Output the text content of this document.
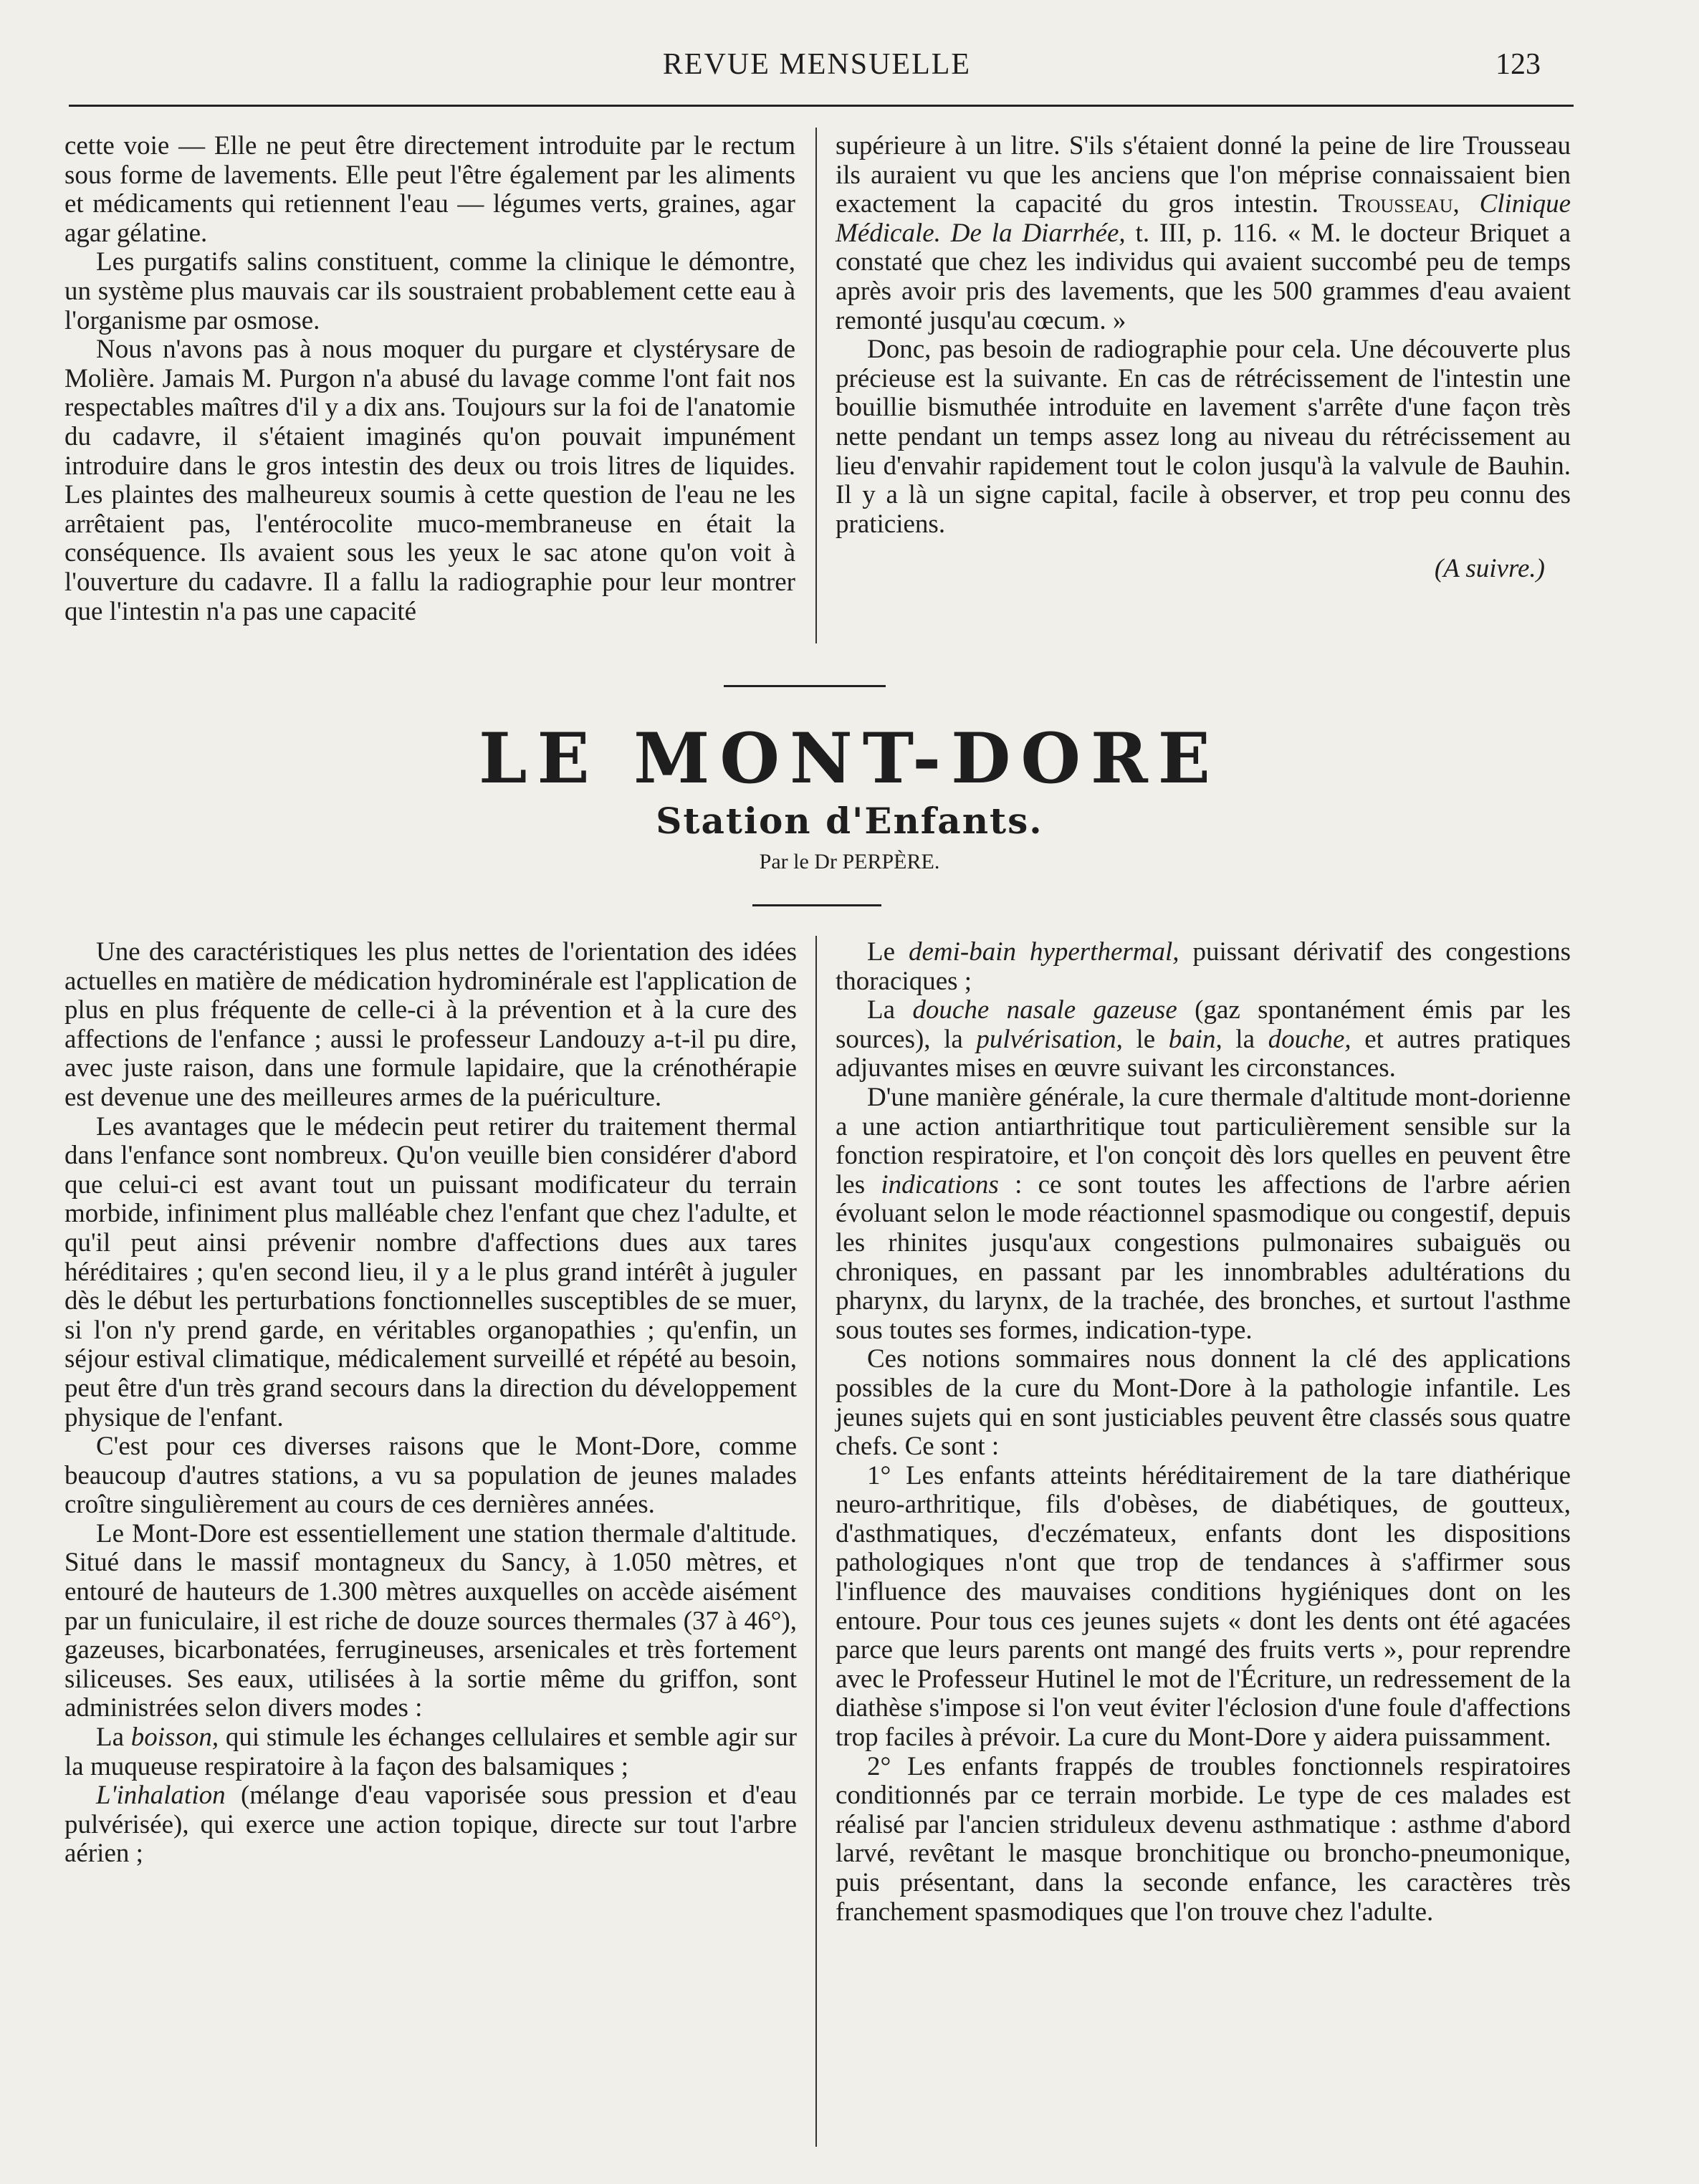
REVUE MENSUELLE	123

cette voie — Elle ne peut être directement introduite par le rectum sous forme de lavements. Elle peut l'être également par les aliments et médicaments qui retiennent l'eau — légumes verts, graines, agar agar gélatine.

Les purgatifs salins constituent, comme la clinique le démontre, un système plus mauvais car ils soustraient probablement cette eau à l'organisme par osmose.

Nous n'avons pas à nous moquer du purgare et clystérysare de Molière. Jamais M. Purgon n'a abusé du lavage comme l'ont fait nos respectables maîtres d'il y a dix ans. Toujours sur la foi de l'anatomie du cadavre, il s'étaient imaginés qu'on pouvait impunément introduire dans le gros intestin des deux ou trois litres de liquides. Les plaintes des malheureux soumis à cette question de l'eau ne les arrêtaient pas, l'entérocolite muco-membraneuse en était la conséquence. Ils avaient sous les yeux le sac atone qu'on voit à l'ouverture du cadavre. Il a fallu la radiographie pour leur montrer que l'intestin n'a pas une capacité

supérieure à un litre. S'ils s'étaient donné la peine de lire Trousseau ils auraient vu que les anciens que l'on méprise connaissaient bien exactement la capacité du gros intestin. Trousseau, Clinique Médicale. De la Diarrhée, t. III, p. 116. « M. le docteur Briquet a constaté que chez les individus qui avaient succombé peu de temps après avoir pris des lavements, que les 500 grammes d'eau avaient remonté jusqu'au cœcum. »

Donc, pas besoin de radiographie pour cela. Une découverte plus précieuse est la suivante. En cas de rétrécissement de l'intestin une bouillie bismuthée introduite en lavement s'arrête d'une façon très nette pendant un temps assez long au niveau du rétrécissement au lieu d'envahir rapidement tout le colon jusqu'à la valvule de Bauhin. Il y a là un signe capital, facile à observer, et trop peu connu des praticiens.

(A suivre.)

LE MONT-DORE
Station d'Enfants.
Par le Dr PERPÈRE.

Une des caractéristiques les plus nettes de l'orientation des idées actuelles en matière de médication hydrominérale est l'application de plus en plus fréquente de celle-ci à la prévention et à la cure des affections de l'enfance ; aussi le professeur Landouzy a-t-il pu dire, avec juste raison, dans une formule lapidaire, que la crénothérapie est devenue une des meilleures armes de la puériculture.

Les avantages que le médecin peut retirer du traitement thermal dans l'enfance sont nombreux. Qu'on veuille bien considérer d'abord que celui-ci est avant tout un puissant modificateur du terrain morbide, infiniment plus malléable chez l'enfant que chez l'adulte, et qu'il peut ainsi prévenir nombre d'affections dues aux tares héréditaires ; qu'en second lieu, il y a le plus grand intérêt à juguler dès le début les perturbations fonctionnelles susceptibles de se muer, si l'on n'y prend garde, en véritables organopathies ; qu'enfin, un séjour estival climatique, médicalement surveillé et répété au besoin, peut être d'un très grand secours dans la direction du développement physique de l'enfant.

C'est pour ces diverses raisons que le Mont-Dore, comme beaucoup d'autres stations, a vu sa population de jeunes malades croître singulièrement au cours de ces dernières années.

Le Mont-Dore est essentiellement une station thermale d'altitude. Situé dans le massif montagneux du Sancy, à 1.050 mètres, et entouré de hauteurs de 1.300 mètres auxquelles on accède aisément par un funiculaire, il est riche de douze sources thermales (37 à 46°), gazeuses, bicarbonatées, ferrugineuses, arsenicales et très fortement siliceuses. Ses eaux, utilisées à la sortie même du griffon, sont administrées selon divers modes :

La boisson, qui stimule les échanges cellulaires et semble agir sur la muqueuse respiratoire à la façon des balsamiques ;

L'inhalation (mélange d'eau vaporisée sous pression et d'eau pulvérisée), qui exerce une action topique, directe sur tout l'arbre aérien ;

Le demi-bain hyperthermal, puissant dérivatif des congestions thoraciques ;

La douche nasale gazeuse (gaz spontanément émis par les sources), la pulvérisation, le bain, la douche, et autres pratiques adjuvantes mises en œuvre suivant les circonstances.

D'une manière générale, la cure thermale d'altitude mont-dorienne a une action antiarthritique tout particulièrement sensible sur la fonction respiratoire, et l'on conçoit dès lors quelles en peuvent être les indications : ce sont toutes les affections de l'arbre aérien évoluant selon le mode réactionnel spasmodique ou congestif, depuis les rhinites jusqu'aux congestions pulmonaires subaiguës ou chroniques, en passant par les innombrables adultérations du pharynx, du larynx, de la trachée, des bronches, et surtout l'asthme sous toutes ses formes, indication-type.

Ces notions sommaires nous donnent la clé des applications possibles de la cure du Mont-Dore à la pathologie infantile. Les jeunes sujets qui en sont justiciables peuvent être classés sous quatre chefs. Ce sont :

1° Les enfants atteints héréditairement de la tare diathérique neuro-arthritique, fils d'obèses, de diabétiques, de goutteux, d'asthmatiques, d'eczémateux, enfants dont les dispositions pathologiques n'ont que trop de tendances à s'affirmer sous l'influence des mauvaises conditions hygiéniques dont on les entoure. Pour tous ces jeunes sujets « dont les dents ont été agacées parce que leurs parents ont mangé des fruits verts », pour reprendre avec le Professeur Hutinel le mot de l'Écriture, un redressement de la diathèse s'impose si l'on veut éviter l'éclosion d'une foule d'affections trop faciles à prévoir. La cure du Mont-Dore y aidera puissamment.

2° Les enfants frappés de troubles fonctionnels respiratoires conditionnés par ce terrain morbide. Le type de ces malades est réalisé par l'ancien striduleux devenu asthmatique : asthme d'abord larvé, revêtant le masque bronchitique ou broncho-pneumonique, puis présentant, dans la seconde enfance, les caractères très franchement spasmodiques que l'on trouve chez l'adulte.
